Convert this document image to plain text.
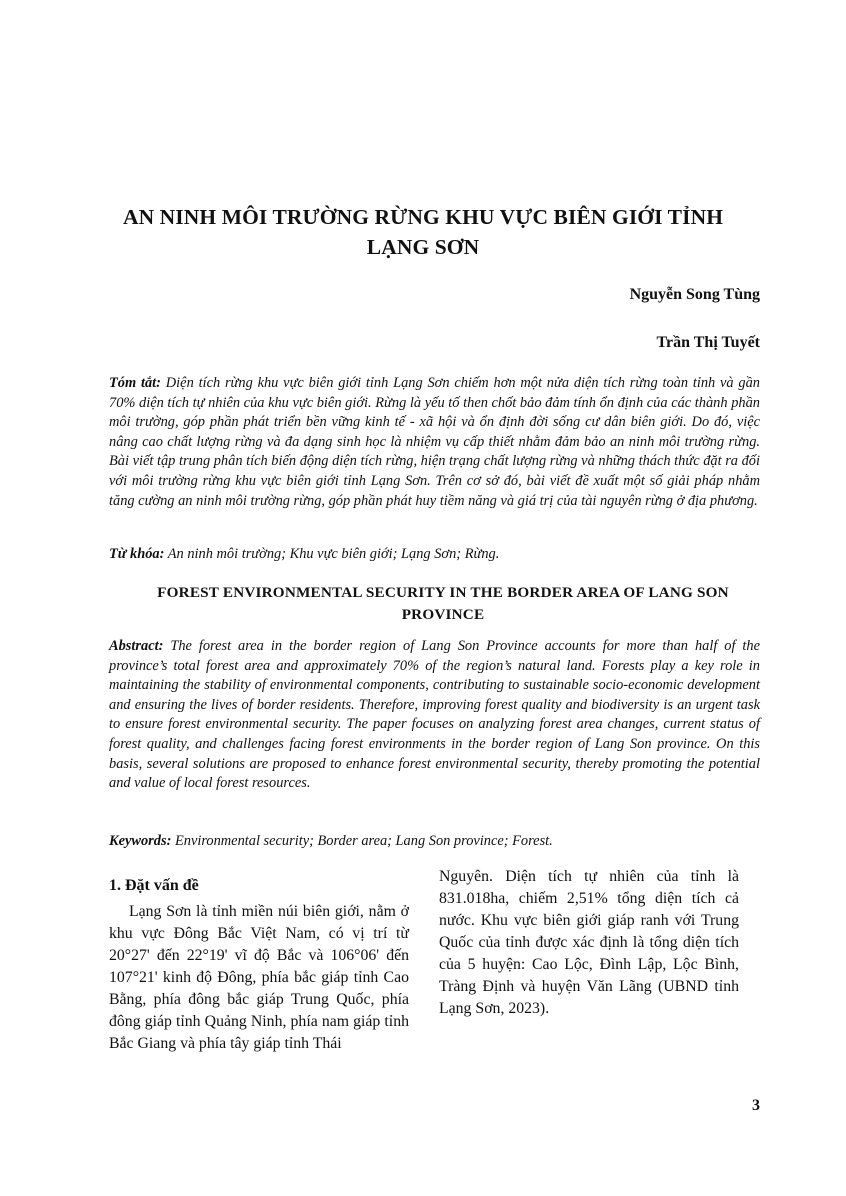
AN NINH MÔI TRƯỜNG RỪNG KHU VỰC BIÊN GIỚI TỈNH
LẠNG SƠN
Nguyễn Song Tùng
Trần Thị Tuyết
Tóm tắt: Diện tích rừng khu vực biên giới tỉnh Lạng Sơn chiếm hơn một nửa diện tích rừng toàn tỉnh và gần 70% diện tích tự nhiên của khu vực biên giới. Rừng là yếu tố then chốt bảo đảm tính ổn định của các thành phần môi trường, góp phần phát triển bền vững kinh tế - xã hội và ổn định đời sống cư dân biên giới. Do đó, việc nâng cao chất lượng rừng và đa dạng sinh học là nhiệm vụ cấp thiết nhằm đảm bảo an ninh môi trường rừng. Bài viết tập trung phân tích biến động diện tích rừng, hiện trạng chất lượng rừng và những thách thức đặt ra đối với môi trường rừng khu vực biên giới tỉnh Lạng Sơn. Trên cơ sở đó, bài viết đề xuất một số giải pháp nhằm tăng cường an ninh môi trường rừng, góp phần phát huy tiềm năng và giá trị của tài nguyên rừng ở địa phương.
Từ khóa: An ninh môi trường; Khu vực biên giới; Lạng Sơn; Rừng.
FOREST ENVIRONMENTAL SECURITY IN THE BORDER AREA OF LANG SON
PROVINCE
Abstract: The forest area in the border region of Lang Son Province accounts for more than half of the province’s total forest area and approximately 70% of the region’s natural land. Forests play a key role in maintaining the stability of environmental components, contributing to sustainable socio-economic development and ensuring the lives of border residents. Therefore, improving forest quality and biodiversity is an urgent task to ensure forest environmental security. The paper focuses on analyzing forest area changes, current status of forest quality, and challenges facing forest environments in the border region of Lang Son province. On this basis, several solutions are proposed to enhance forest environmental security, thereby promoting the potential and value of local forest resources.
Keywords: Environmental security; Border area; Lang Son province; Forest.
1. Đặt vấn đề

Lạng Sơn là tỉnh miền núi biên giới, nằm ở khu vực Đông Bắc Việt Nam, có vị trí từ 20°27' đến 22°19' vĩ độ Bắc và 106°06' đến 107°21' kinh độ Đông, phía bắc giáp tỉnh Cao Bằng, phía đông bắc giáp Trung Quốc, phía đông giáp tỉnh Quảng Ninh, phía nam giáp tỉnh Bắc Giang và phía tây giáp tỉnh Thái

Nguyên. Diện tích tự nhiên của tỉnh là 831.018ha, chiếm 2,51% tổng diện tích cả nước. Khu vực biên giới giáp ranh với Trung Quốc của tỉnh được xác định là tổng diện tích của 5 huyện: Cao Lộc, Đình Lập, Lộc Bình, Tràng Định và huyện Văn Lãng (UBND tỉnh Lạng Sơn, 2023).

3
